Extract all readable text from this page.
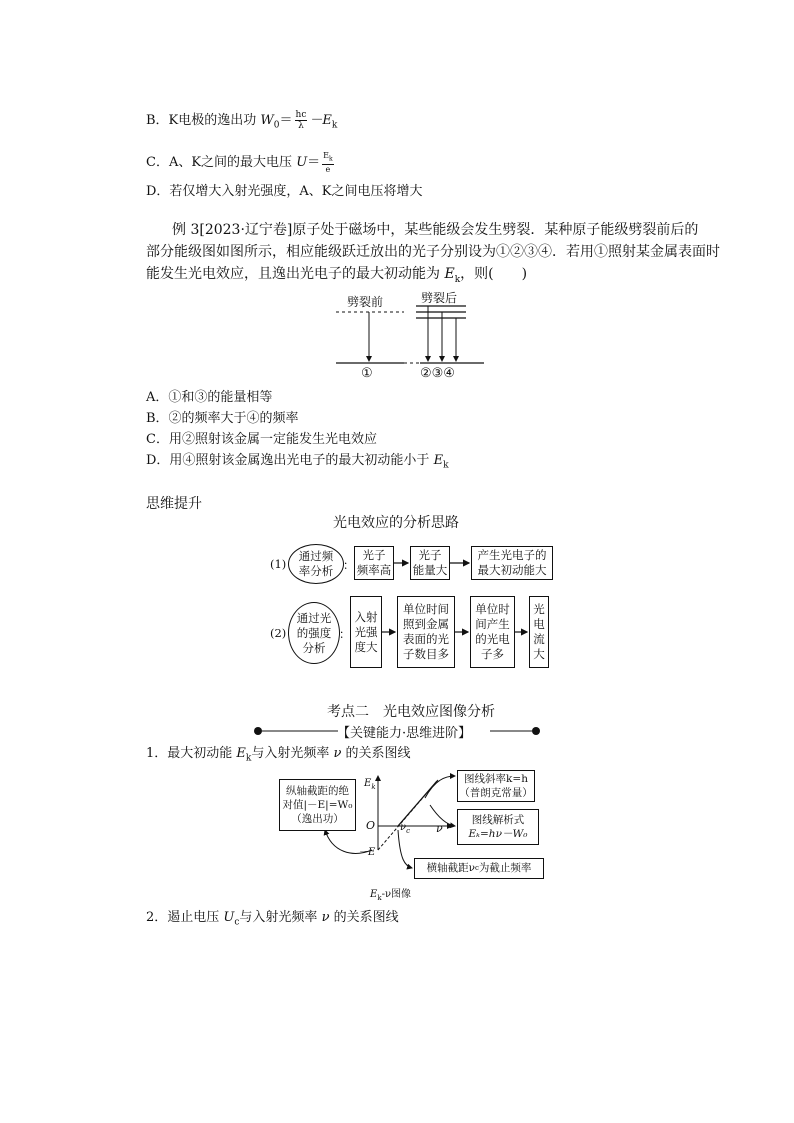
B．K电极的逸出功 $W_0= \frac{hc}{\lambda} -E_k$
C．A、K之间的最大电压 $U= \frac{E_k}{e}$
D．若仅增大入射光强度，A、K之间电压将增大
例 3[2023·辽宁卷]原子处于磁场中，某些能级会发生劈裂．某种原子能级劈裂前后的
部分能级图如图所示，相应能级跃迁放出的光子分别设为①②③④．若用①照射某金属表面时
能发生光电效应，且逸出光电子的最大初动能为 $E_k$，则(　　)
劈裂前	劈裂后
①	②③④
A．①和③的能量相等
B．②的频率大于④的频率
C．用②照射该金属一定能发生光电效应
D．用④照射该金属逸出光电子的最大初动能小于 $E_k$
思维提升
光电效应的分析思路
(1)
通过频
率分析 ：
光子
频率高
光子
能量大
产生光电子的
最大初动能大
(2)
通过光
的强度
分析
：
入射
光强
度大
单位时间
照到金属
表面的光
子数目多
单位时
间产生
的光电
子多
光
电
流
大
考点二　光电效应图像分析
【关键能力·思维进阶】
1．最大初动能 $E_k$与入射光频率 ν 的关系图线
纵轴截距的绝
对值|－E|=W₀
（逸出功）
图线斜率k=h
（普朗克常量）
图线解析式
Eₖ=hν－W₀
横轴截距ν c 为截止频率
$E_k$
O $\nu_c$ ν
－E
$E_k-\nu$图像
2．遏止电压 $U_c$与入射光频率 ν 的关系图线
